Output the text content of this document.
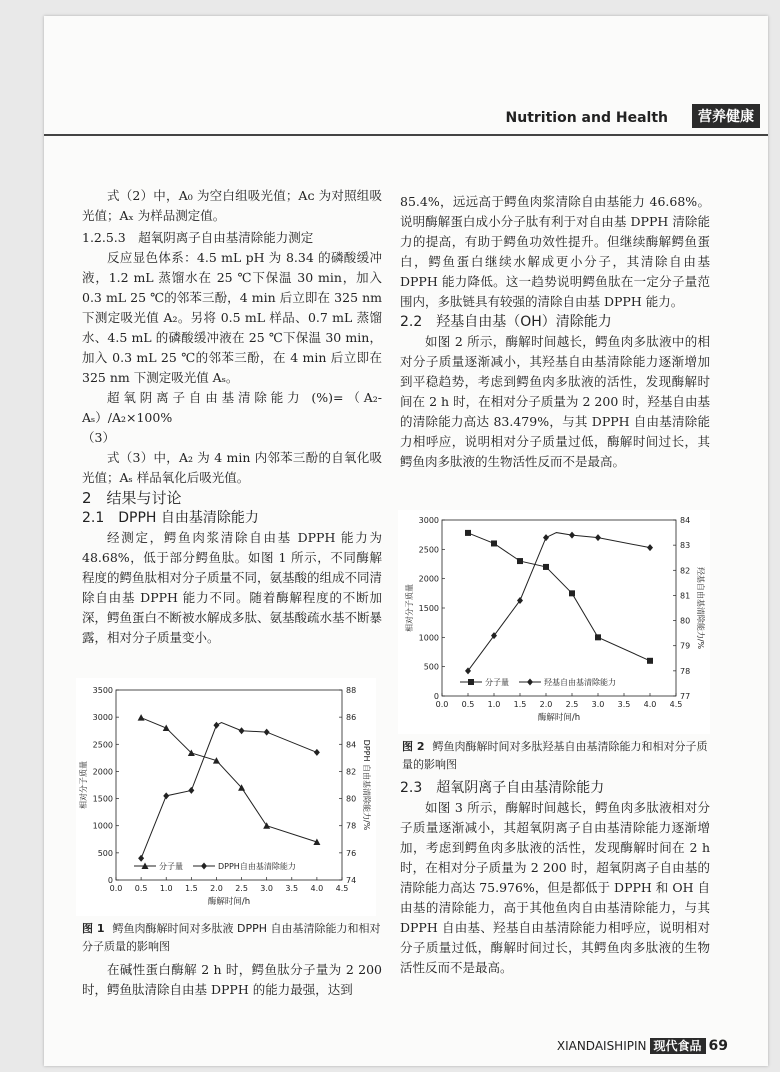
Nutrition and Health	营养健康

式（2）中，A₀ 为空白组吸光值；Aᴄ 为对照组吸光值；Aₓ 为样品测定值。

1.2.5.3　超氧阴离子自由基清除能力测定

反应显色体系：4.5 mL pH 为 8.34 的磷酸缓冲液，1.2 mL 蒸馏水在 25 ℃下保温 30 min，加入 0.3 mL 25 ℃的邻苯三酚，4 min 后立即在 325 nm 下测定吸光值 A₂。另将 0.5 mL 样品、0.7 mL 蒸馏水、4.5 mL 的磷酸缓冲液在 25 ℃下保温 30 min，加入 0.3 mL 25 ℃的邻苯三酚，在 4 min 后立即在 325 nm 下测定吸光值 Aₛ。

超氧阴离子自由基清除能力 (%)=（A₂-Aₛ）/A₂×100%

（3）

式（3）中，A₂ 为 4 min 内邻苯三酚的自氧化吸光值；Aₛ 样品氧化后吸光值。

2　结果与讨论

2.1　DPPH 自由基清除能力

经测定，鳄鱼肉浆清除自由基 DPPH 能力为 48.68%，低于部分鳄鱼肽。如图 1 所示，不同酶解程度的鳄鱼肽相对分子质量不同，氨基酸的组成不同清除自由基 DPPH 能力不同。随着酶解程度的不断加深，鳄鱼蛋白不断被水解成多肽、氨基酸疏水基不断暴露，相对分子质量变小。

0.0 0.5 1.0 1.5 2.0 2.5 3.0 3.5 4.0 4.5
0
500
1000
1500
2000
2500
3000
3500
74
76
78
80
82
84
86
88
酶解时间/h
相对分子质量	DPPH 自由基清除能力/%
分子量	DPPH自由基清除能力
图 1 鳄鱼肉酶解时间对多肽液 DPPH 自由基清除能力和相对分子质量的影响图

在碱性蛋白酶解 2 h 时，鳄鱼肽分子量为 2 200 时，鳄鱼肽清除自由基 DPPH 的能力最强，达到

85.4%，远远高于鳄鱼肉浆清除自由基能力 46.68%。说明酶解蛋白成小分子肽有利于对自由基 DPPH 清除能力的提高，有助于鳄鱼功效性提升。但继续酶解鳄鱼蛋白，鳄鱼蛋白继续水解成更小分子，其清除自由基 DPPH 能力降低。这一趋势说明鳄鱼肽在一定分子量范围内，多肽链具有较强的清除自由基 DPPH 能力。

2.2　羟基自由基（OH）清除能力

如图 2 所示，酶解时间越长，鳄鱼肉多肽液中的相对分子质量逐渐减小，其羟基自由基清除能力逐渐增加到平稳趋势，考虑到鳄鱼肉多肽液的活性，发现酶解时间在 2 h 时，在相对分子质量为 2 200 时，羟基自由基的清除能力高达 83.479%，与其 DPPH 自由基清除能力相呼应，说明相对分子质量过低，酶解时间过长，其鳄鱼肉多肽液的生物活性反而不是最高。

0.0 0.5 1.0 1.5 2.0 2.5 3.0 3.5 4.0 4.5
0
500
1000
1500
2000
2500
3000
77
78
79
80
81
82
83
84
酶解时间/h
相对分子质量	羟基自由基清除能力/%
分子量	羟基自由基清除能力
图 2 鳄鱼肉酶解时间对多肽羟基自由基清除能力和相对分子质量的影响图

2.3　超氧阴离子自由基清除能力

如图 3 所示，酶解时间越长，鳄鱼肉多肽液相对分子质量逐渐减小，其超氧阴离子自由基清除能力逐渐增加，考虑到鳄鱼肉多肽液的活性，发现酶解时间在 2 h 时，在相对分子质量为 2 200 时，超氧阴离子自由基的清除能力高达 75.976%，但是都低于 DPPH 和 OH 自由基的清除能力，高于其他鱼肉自由基清除能力，与其 DPPH 自由基、羟基自由基清除能力相呼应，说明相对分子质量过低，酶解时间过长，其鳄鱼肉多肽液的生物活性反而不是最高。

XIANDAISHIPIN 现代食品 69
